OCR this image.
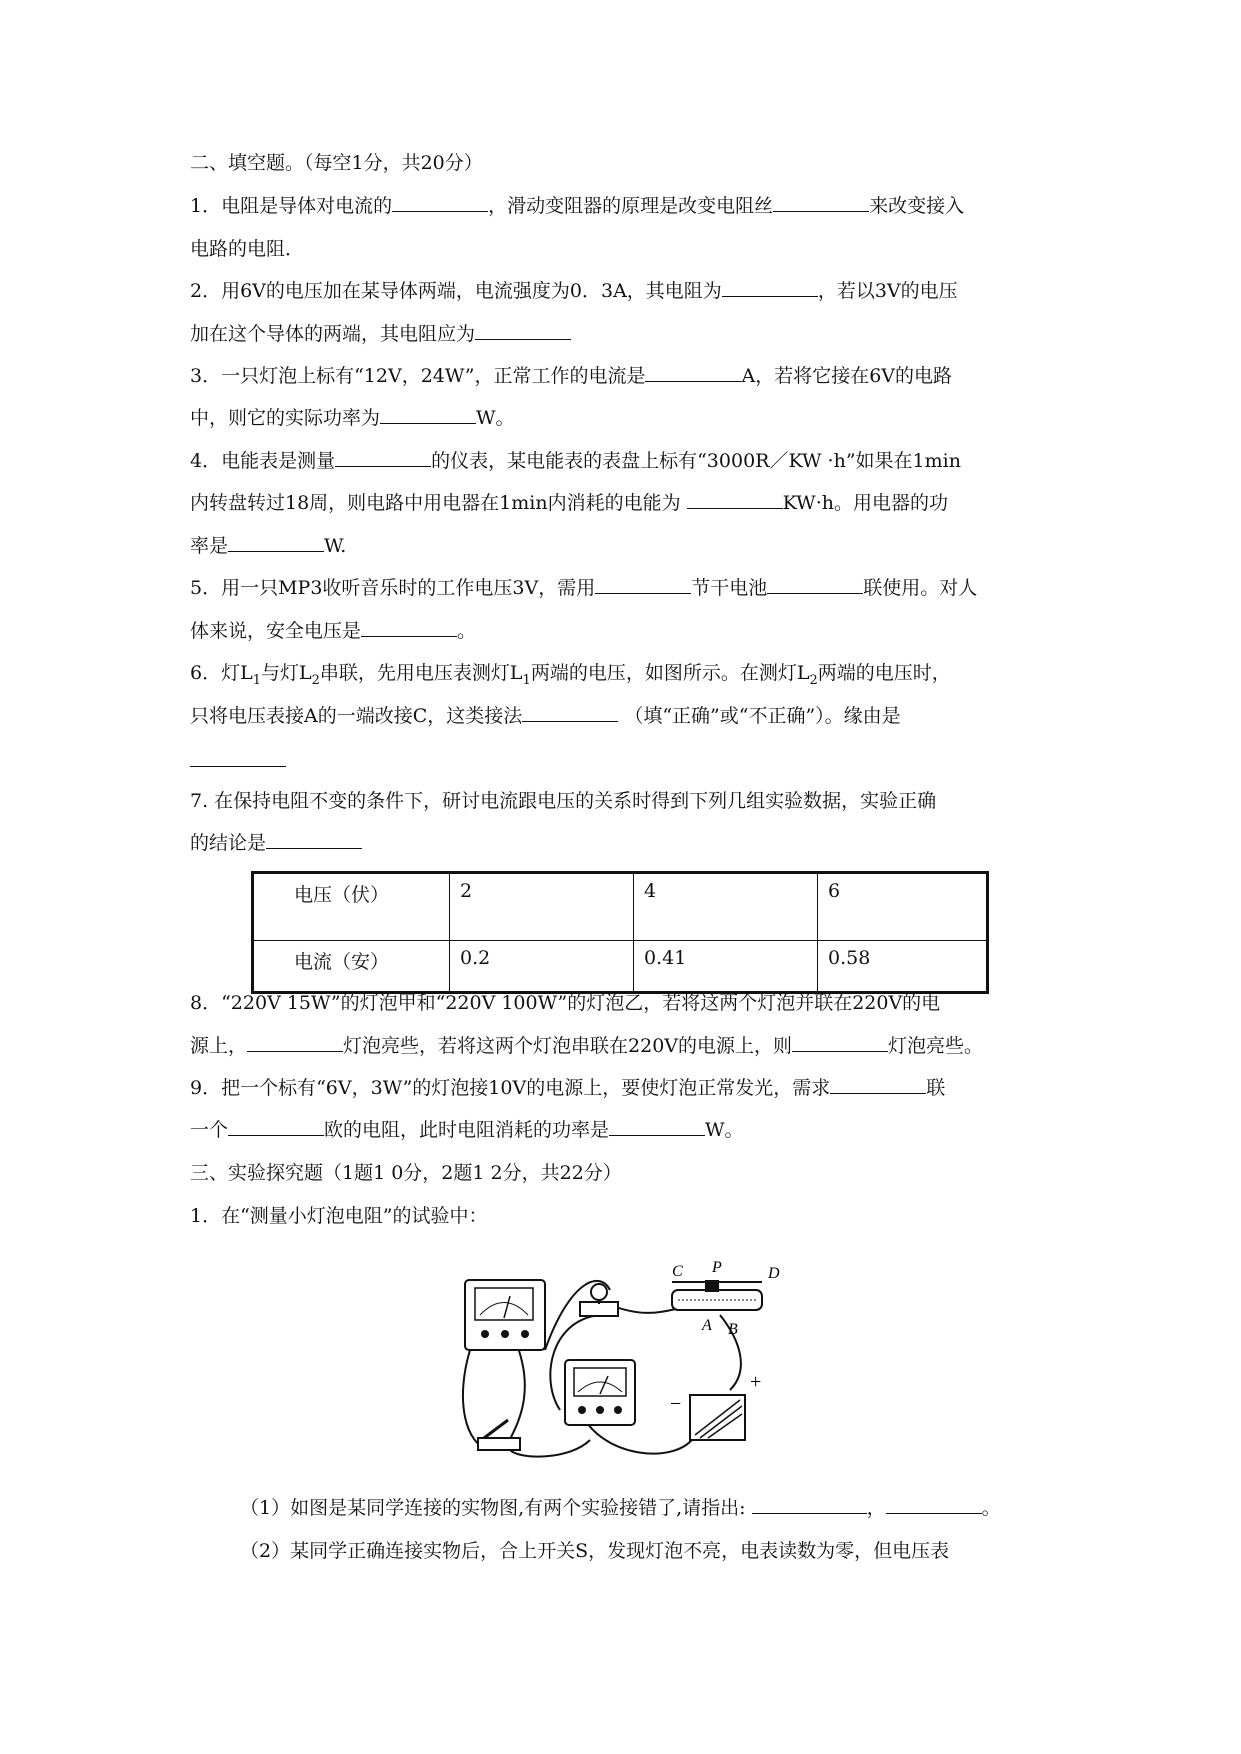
二、填空题。（每空1分，共20分）
1．电阻是导体对电流的	，滑动变阻器的原理是改变电阻丝	来改变接入
电路的电阻．
2．用6V的电压加在某导体两端，电流强度为0．3A，其电阻为	，若以3V的电压
加在这个导体的两端，其电阻应为
3．一只灯泡上标有“12V，24W”，正常工作的电流是	A，若将它接在6V的电路
中，则它的实际功率为	W。
4．电能表是测量	的仪表，某电能表的表盘上标有“3000R／KW ·h”如果在1min
内转盘转过18周，则电路中用电器在1min内消耗的电能为	KW·h。用电器的功
率是	W.
5．用一只MP3收听音乐时的工作电压3V，需用	节干电池	联使用。对人
体来说，安全电压是	。
6．灯$L_1$与灯$L_2$串联，先用电压表测灯$L_1$两端的电压，如图所示。在测灯$L_2$两端的电压时，
只将电压表接A的一端改接C，这类接法	（填“正确”或“不正确”）。缘由是
7. 在保持电阻不变的条件下，研讨电流跟电压的关系时得到下列几组实验数据，实验正确
的结论是
电压（伏）	2	4	6
电流（安）	0.2	0.41	0.58
8．“220V 15W”的灯泡甲和“220V 100W”的灯泡乙，若将这两个灯泡并联在220V的电
源上，	灯泡亮些，若将这两个灯泡串联在220V的电源上，则	灯泡亮些。
9．把一个标有“6V，3W”的灯泡接10V的电源上，要使灯泡正常发光，需求	联
一个	欧的电阻，此时电阻消耗的功率是	W。
三、实验探究题（1题1 0分，2题1 2分，共22分）
1．在“测量小灯泡电阻”的试验中：
C P	D
A B
−
+
（1）如图是某同学连接的实物图,有两个实验接错了,请指出:	，	。
（2）某同学正确连接实物后，合上开关S，发现灯泡不亮，电表读数为零，但电压表
